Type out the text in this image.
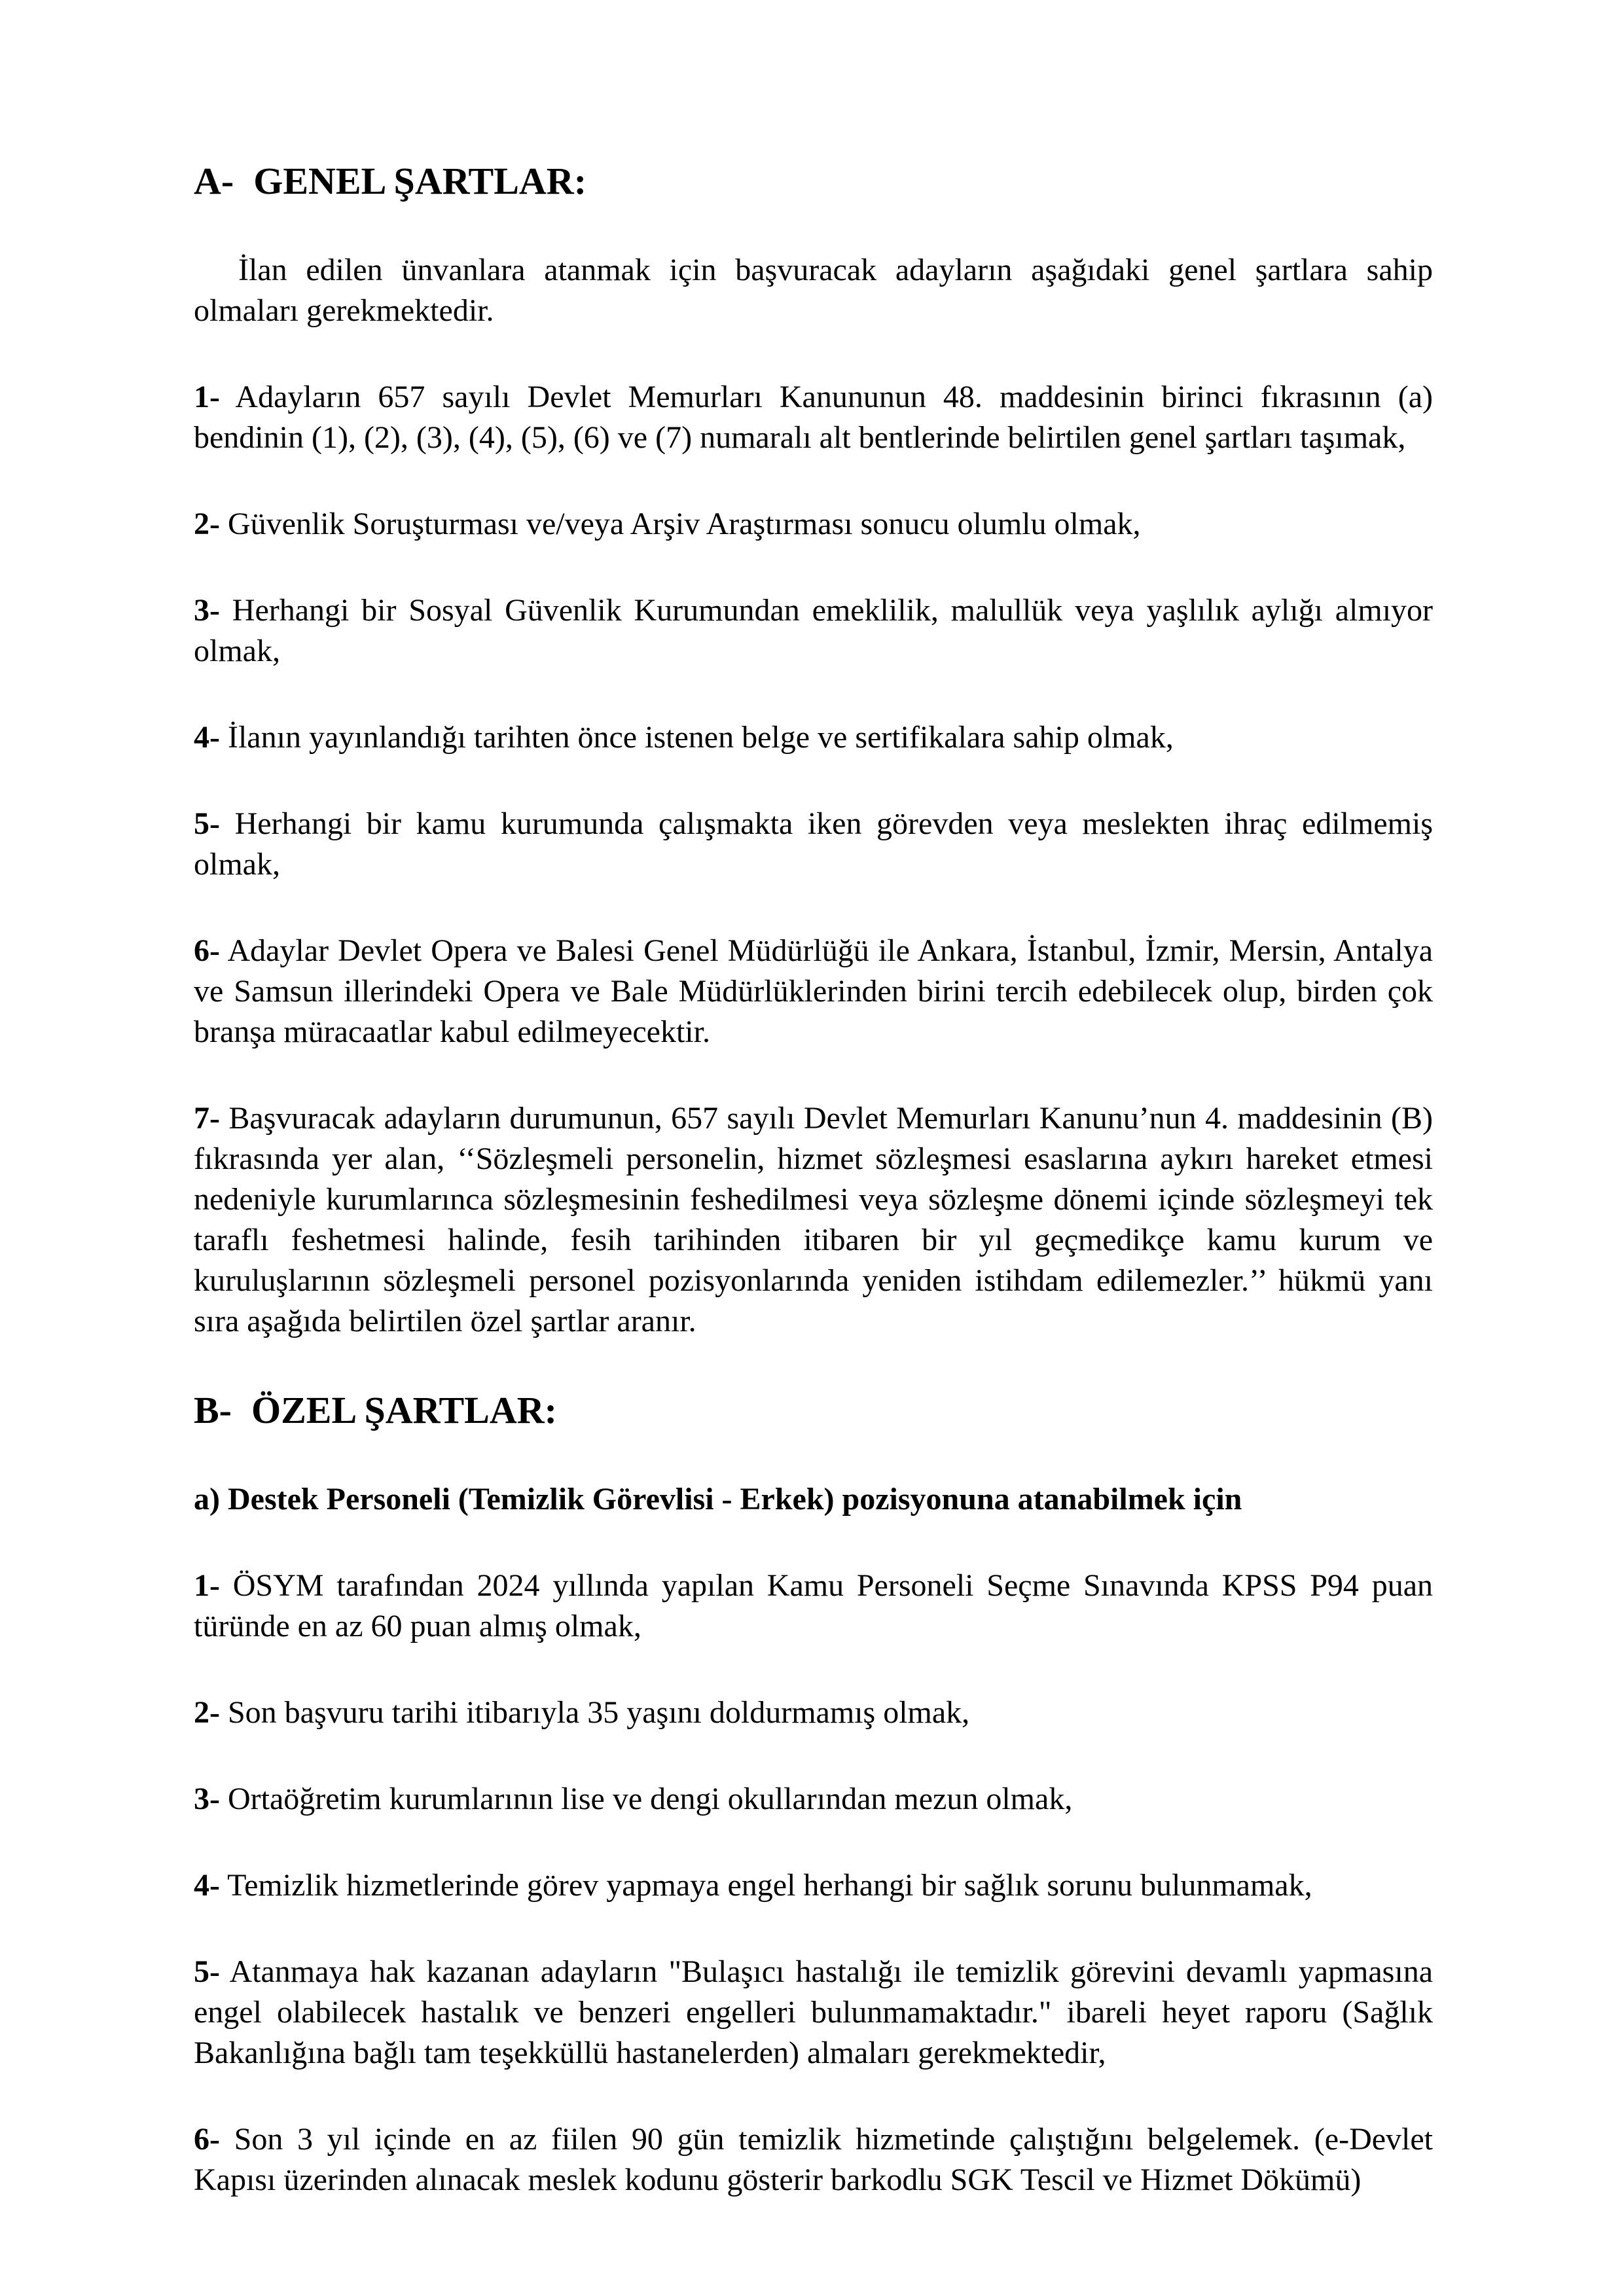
A- GENEL ŞARTLAR:

İlan edilen ünvanlara atanmak için başvuracak adayların aşağıdaki genel şartlara sahip olmaları gerekmektedir.

1- Adayların 657 sayılı Devlet Memurları Kanununun 48. maddesinin birinci fıkrasının (a) bendinin (1), (2), (3), (4), (5), (6) ve (7) numaralı alt bentlerinde belirtilen genel şartları taşımak,

2- Güvenlik Soruşturması ve/veya Arşiv Araştırması sonucu olumlu olmak,

3- Herhangi bir Sosyal Güvenlik Kurumundan emeklilik, malullük veya yaşlılık aylığı almıyor olmak,

4- İlanın yayınlandığı tarihten önce istenen belge ve sertifikalara sahip olmak,

5- Herhangi bir kamu kurumunda çalışmakta iken görevden veya meslekten ihraç edilmemiş olmak,

6- Adaylar Devlet Opera ve Balesi Genel Müdürlüğü ile Ankara, İstanbul, İzmir, Mersin, Antalya ve Samsun illerindeki Opera ve Bale Müdürlüklerinden birini tercih edebilecek olup, birden çok branşa müracaatlar kabul edilmeyecektir.

7- Başvuracak adayların durumunun, 657 sayılı Devlet Memurları Kanunu’nun 4. maddesinin (B) fıkrasında yer alan, ‘‘Sözleşmeli personelin, hizmet sözleşmesi esaslarına aykırı hareket etmesi nedeniyle kurumlarınca sözleşmesinin feshedilmesi veya sözleşme dönemi içinde sözleşmeyi tek taraflı feshetmesi halinde, fesih tarihinden itibaren bir yıl geçmedikçe kamu kurum ve kuruluşlarının sözleşmeli personel pozisyonlarında yeniden istihdam edilemezler.’’ hükmü yanı sıra aşağıda belirtilen özel şartlar aranır.

B- ÖZEL ŞARTLAR:

a) Destek Personeli (Temizlik Görevlisi - Erkek) pozisyonuna atanabilmek için

1- ÖSYM tarafından 2024 yıllında yapılan Kamu Personeli Seçme Sınavında KPSS P94 puan türünde en az 60 puan almış olmak,

2- Son başvuru tarihi itibarıyla 35 yaşını doldurmamış olmak,

3- Ortaöğretim kurumlarının lise ve dengi okullarından mezun olmak,

4- Temizlik hizmetlerinde görev yapmaya engel herhangi bir sağlık sorunu bulunmamak,

5- Atanmaya hak kazanan adayların "Bulaşıcı hastalığı ile temizlik görevini devamlı yapmasına engel olabilecek hastalık ve benzeri engelleri bulunmamaktadır." ibareli heyet raporu (Sağlık Bakanlığına bağlı tam teşekküllü hastanelerden) almaları gerekmektedir,

6- Son 3 yıl içinde en az fiilen 90 gün temizlik hizmetinde çalıştığını belgelemek. (e-Devlet Kapısı üzerinden alınacak meslek kodunu gösterir barkodlu SGK Tescil ve Hizmet Dökümü)
